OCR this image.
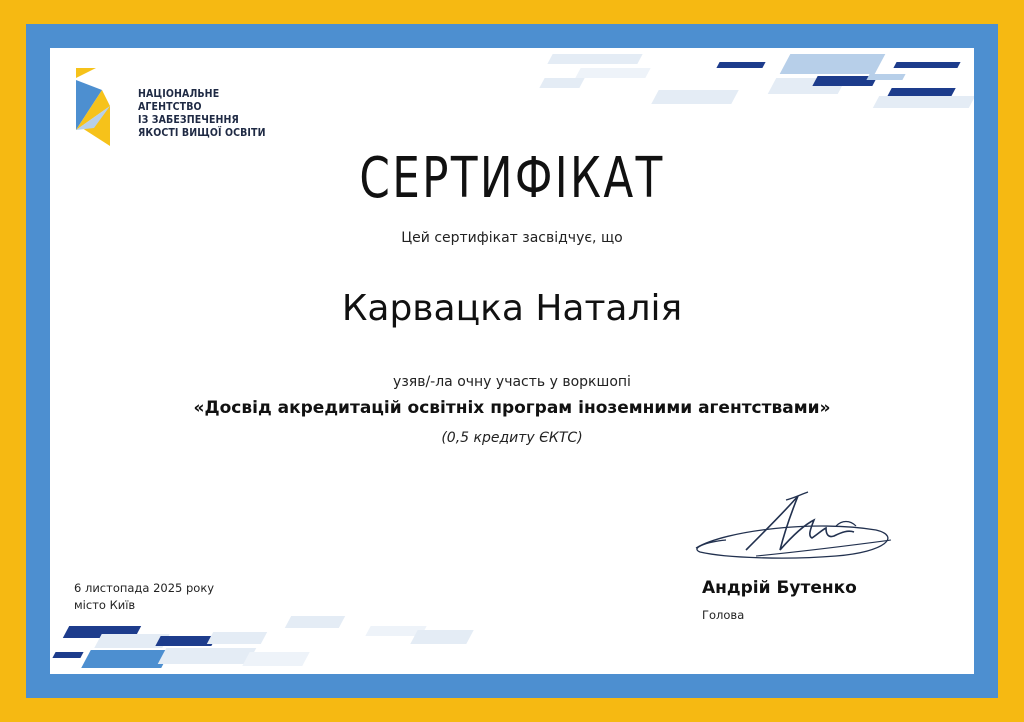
НАЦІОНАЛЬНЕ
АГЕНТСТВО
ІЗ ЗАБЕЗПЕЧЕННЯ
ЯКОСТІ ВИЩОЇ ОСВІТИ
СЕРТИФІКАТ
Цей сертифікат засвідчує, що
Карвацка Наталія
узяв/-ла очну участь у воркшопі
«Досвід акредитацій освітніх програм іноземними агентствами»
(0,5 кредиту ЄКТС)
6 листопада 2025 року
місто Київ
Андрій Бутенко
Голова
